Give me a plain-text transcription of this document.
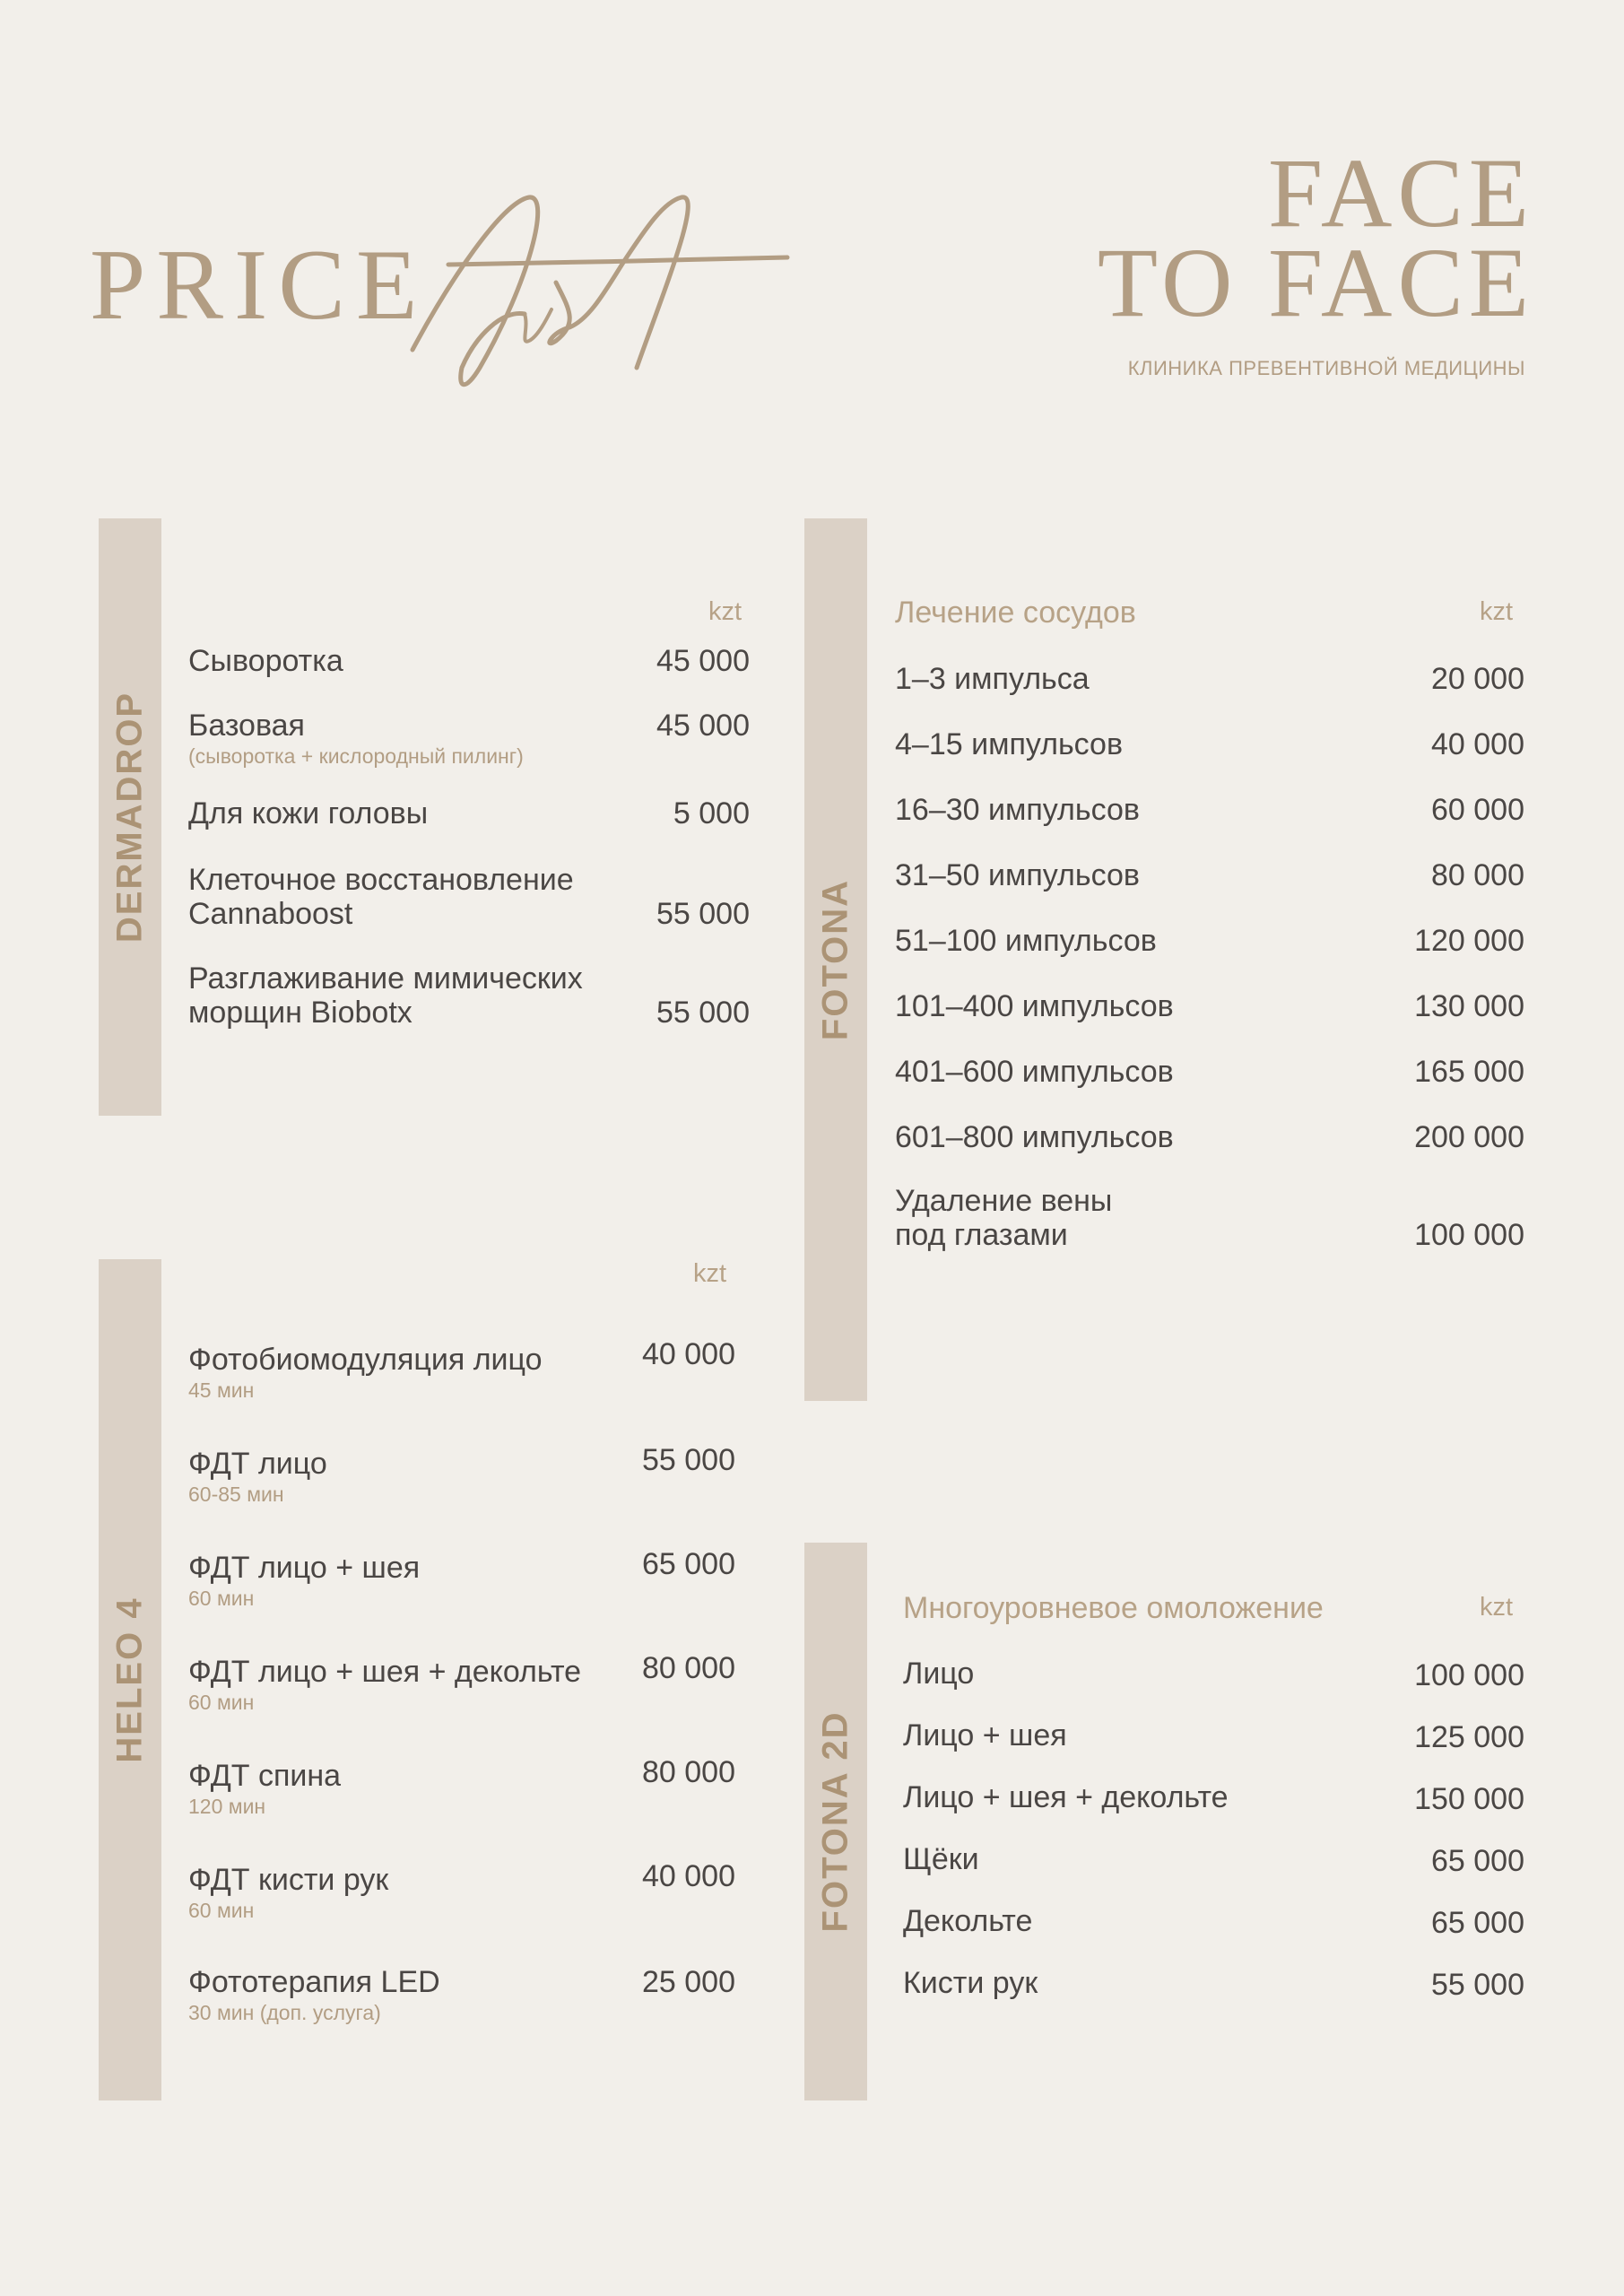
PRICE
FACE
TO FACE
КЛИНИКА ПРЕВЕНТИВНОЙ МЕДИЦИНЫ
DERMADROP
kzt
Сыворотка	45 000
Базовая
(сыворотка + кислородный пилинг)
45 000
Для кожи головы	5 000
Клеточное восстановление
Cannaboost	55 000
Разглаживание мимических
морщин Biobotx	55 000
HELEO 4
kzt
Фотобиомодуляция лицо
45 мин
40 000
ФДТ лицо
60-85 мин
55 000
ФДТ лицо + шея
60 мин
65 000
ФДТ лицо + шея + декольте
60 мин
80 000
ФДТ спина
120 мин
80 000
ФДТ кисти рук
60 мин
40 000
Фототерапия LED
30 мин (доп. услуга)
25 000
FOTONA
Лечение сосудов	kzt
1–3 импульса	20 000
4–15 импульсов	40 000
16–30 импульсов	60 000
31–50 импульсов	80 000
51–100 импульсов	120 000
101–400 импульсов	130 000
401–600 импульсов	165 000
601–800 импульсов	200 000
Удаление вены
под глазами	100 000
FOTONA 2D
Многоуровневое омоложение	kzt
Лицо	100 000
Лицо + шея	125 000
Лицо + шея + декольте	150 000
Щёки	65 000
Декольте	65 000
Кисти рук	55 000
